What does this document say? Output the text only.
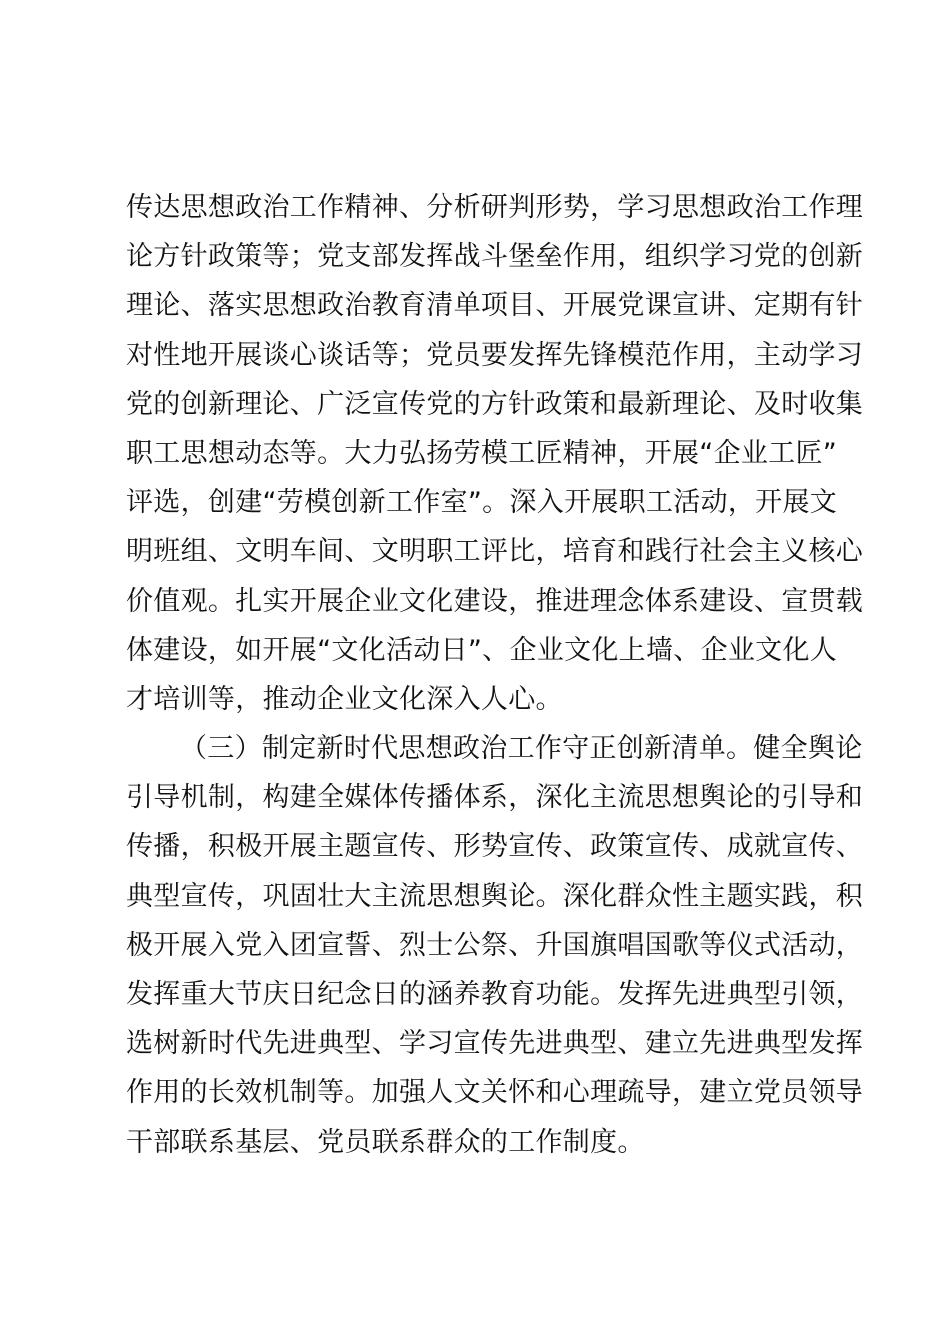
传达思想政治工作精神、分析研判形势，学习思想政治工作理
论方针政策等；党支部发挥战斗堡垒作用，组织学习党的创新
理论、落实思想政治教育清单项目、开展党课宣讲、定期有针
对性地开展谈心谈话等；党员要发挥先锋模范作用，主动学习
党的创新理论、广泛宣传党的方针政策和最新理论、及时收集
职工思想动态等。大力弘扬劳模工匠精神，开展“企业工匠”
评选，创建“劳模创新工作室”。深入开展职工活动，开展文
明班组、文明车间、文明职工评比，培育和践行社会主义核心
价值观。扎实开展企业文化建设，推进理念体系建设、宣贯载
体建设，如开展“文化活动日”、企业文化上墙、企业文化人
才培训等，推动企业文化深入人心。
（三）制定新时代思想政治工作守正创新清单。健全舆论
引导机制，构建全媒体传播体系，深化主流思想舆论的引导和
传播，积极开展主题宣传、形势宣传、政策宣传、成就宣传、
典型宣传，巩固壮大主流思想舆论。深化群众性主题实践，积
极开展入党入团宣誓、烈士公祭、升国旗唱国歌等仪式活动，
发挥重大节庆日纪念日的涵养教育功能。发挥先进典型引领，
选树新时代先进典型、学习宣传先进典型、建立先进典型发挥
作用的长效机制等。加强人文关怀和心理疏导，建立党员领导
干部联系基层、党员联系群众的工作制度。
